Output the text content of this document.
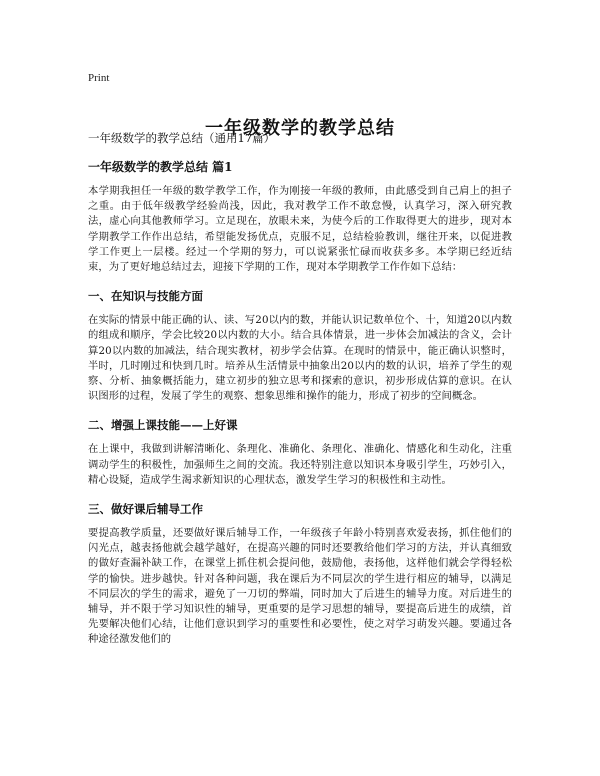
Print
一年级数学的教学总结
一年级数学的教学总结（通用17篇）
一年级数学的教学总结 篇1

本学期我担任一年级的数学教学工作，作为刚接一年级的教师，由此感受到自己肩上的担子之重。由于低年级教学经验尚浅，因此，我对教学工作不敢怠慢，认真学习，深入研究教法，虚心向其他教师学习。立足现在，放眼未来，为使今后的工作取得更大的进步，现对本学期教学工作作出总结，希望能发扬优点，克服不足，总结检验教训，继往开来，以促进教学工作更上一层楼。经过一个学期的努力，可以说紧张忙碌而收获多多。本学期已经近结束，为了更好地总结过去，迎接下学期的工作，现对本学期教学工作作如下总结：

一、在知识与技能方面

在实际的情景中能正确的认、读、写20以内的数，并能认识记数单位个、十，知道20以内数的组成和顺序，学会比较20以内数的大小。结合具体情景，进一步体会加减法的含义，会计算20以内数的加减法，结合现实教材，初步学会估算。在现时的情景中，能正确认识整时，半时，几时刚过和快到几时。培养从生活情景中抽象出20以内的数的认识，培养了学生的观察、分析、抽象概括能力，建立初步的独立思考和探索的意识，初步形成估算的意识。在认识图形的过程，发展了学生的观察、想象思维和操作的能力，形成了初步的空间概念。

二、增强上课技能——上好课

在上课中，我做到讲解清晰化、条理化、准确化、条理化、准确化、情感化和生动化，注重调动学生的积极性，加强师生之间的交流。我还特别注意以知识本身吸引学生，巧妙引入，精心设疑，造成学生渴求新知识的心理状态，激发学生学习的积极性和主动性。

三、做好课后辅导工作

要提高教学质量，还要做好课后辅导工作，一年级孩子年龄小特别喜欢爱表扬，抓住他们的闪光点，越表扬他就会越学越好，在提高兴趣的同时还要教给他们学习的方法，并认真细致的做好查漏补缺工作，在课堂上抓住机会提问他，鼓励他，表扬他，这样他们就会学得轻松学的愉快。进步越快。针对各种问题，我在课后为不同层次的学生进行相应的辅导，以满足不同层次的学生的需求，避免了一刀切的弊端，同时加大了后进生的辅导力度。对后进生的辅导，并不限于学习知识性的辅导，更重要的是学习思想的辅导，要提高后进生的成绩，首先要解决他们心结，让他们意识到学习的重要性和必要性，使之对学习萌发兴趣。要通过各种途径激发他们的
